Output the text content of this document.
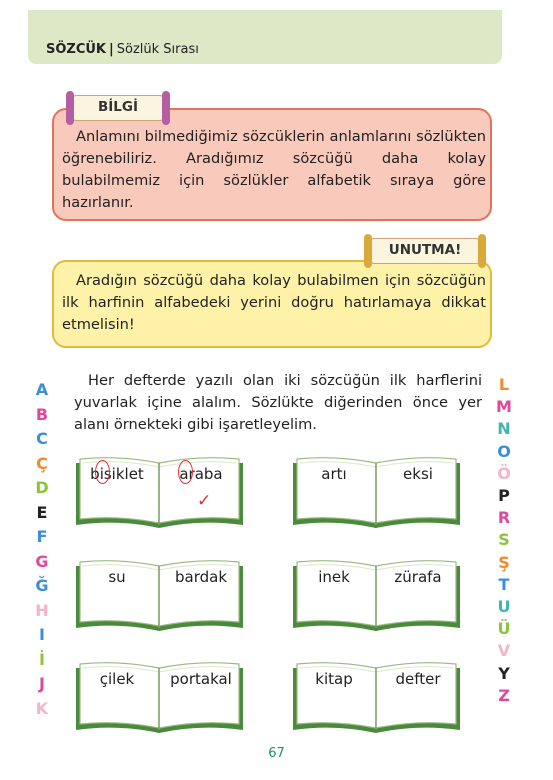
SÖZCÜK | Sözlük Sırası
BİLGİ
Anlamını bilmediğimiz sözcüklerin anlamlarını sözlükten öğrenebiliriz. Aradığımız sözcüğü daha kolay bulabilmemiz için sözlükler alfabetik sıraya göre hazırlanır.
UNUTMA!
Aradığın sözcüğü daha kolay bulabilmen için sözcüğün ilk harfinin alfabedeki yerini doğru hatırlamaya dikkat etmelisin!
Her defterde yazılı olan iki sözcüğün ilk harflerini yuvarlak içine alalım. Sözlükte diğerinden önce yer alanı örnekteki gibi işaretleyelim.
A
B
C
Ç
D
E
F
G
Ğ
H
I
İ
J
K
L
M
N
O
Ö
P
R
S
Ş
T
U
Ü
V
Y
Z
bisiklet	araba
✓
artı	eksi
su	bardak	inek	zürafa
çilek	portakal	kitap	defter
67
